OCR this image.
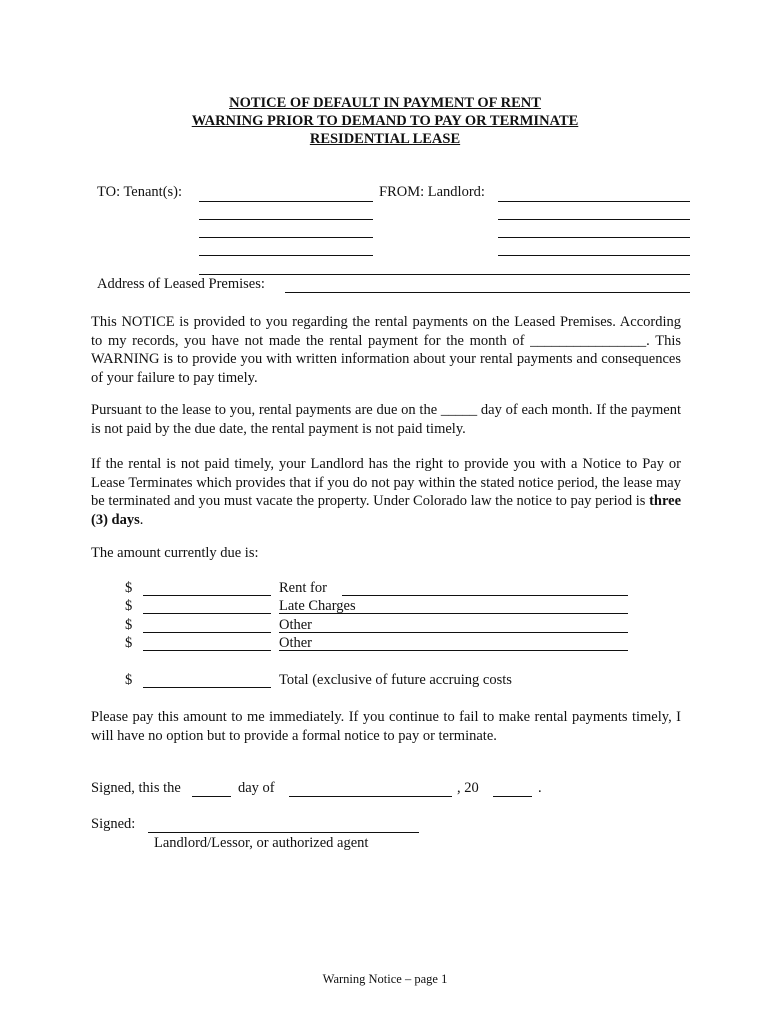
NOTICE OF DEFAULT IN PAYMENT OF RENT
WARNING PRIOR TO DEMAND TO PAY OR TERMINATE
RESIDENTIAL LEASE
TO: Tenant(s):	FROM: Landlord:
Address of Leased Premises:
This NOTICE is provided to you regarding the rental payments on the Leased Premises. According to my records, you have not made the rental payment for the month of ________________. This WARNING is to provide you with written information about your rental payments and consequences of your failure to pay timely.
Pursuant to the lease to you, rental payments are due on the _____ day of each month. If the payment is not paid by the due date, the rental payment is not paid timely.
If the rental is not paid timely, your Landlord has the right to provide you with a Notice to Pay or Lease Terminates which provides that if you do not pay within the stated notice period, the lease may be terminated and you must vacate the property. Under Colorado law the notice to pay period is three (3) days.
The amount currently due is:
$	Rent for
$	Late Charges
$	Other
$	Other
$	Total (exclusive of future accruing costs
Please pay this amount to me immediately. If you continue to fail to make rental payments timely, I will have no option but to provide a formal notice to pay or terminate.
Signed, this the	day of	, 20	.
Signed:
Landlord/Lessor, or authorized agent
Warning Notice – page 1
